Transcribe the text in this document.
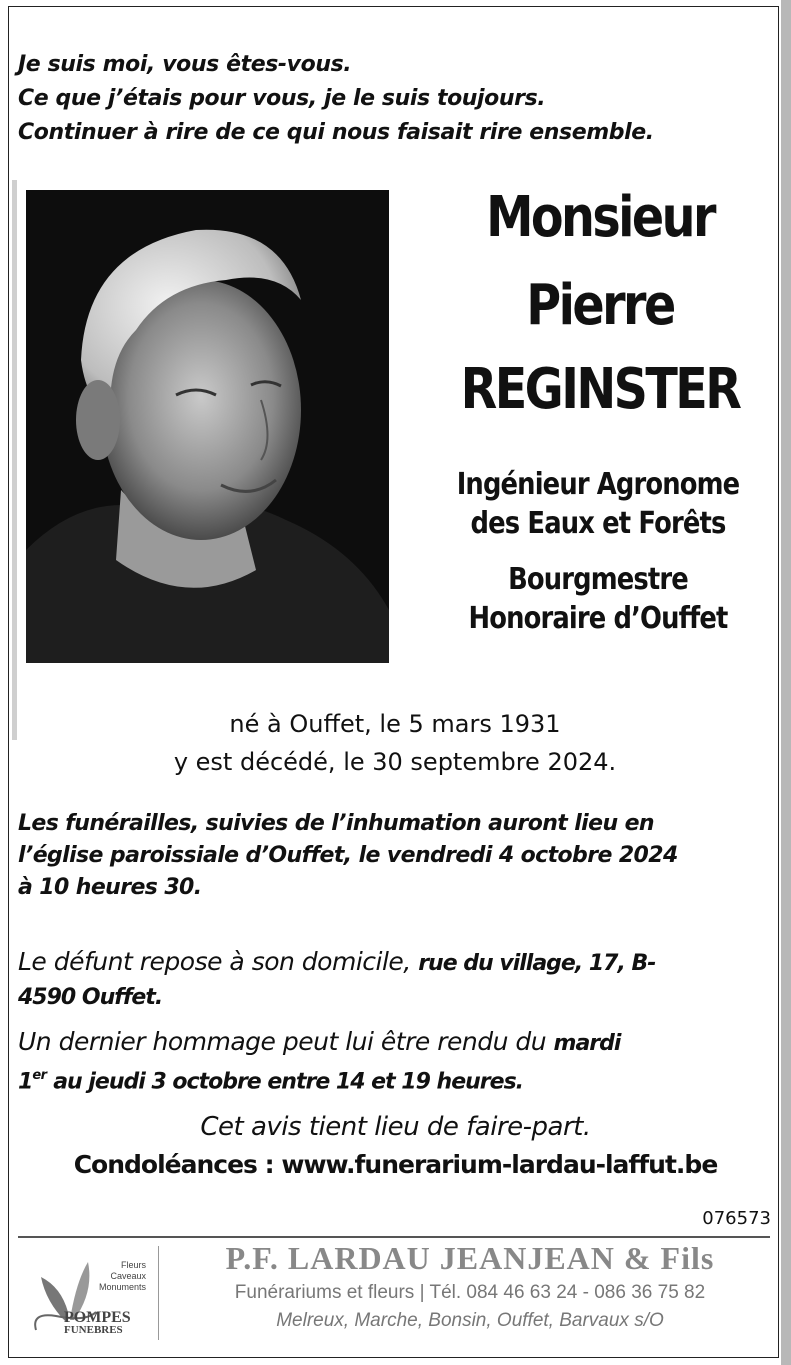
Je suis moi, vous êtes-vous.
Ce que j’étais pour vous, je le suis toujours.
Continuer à rire de ce qui nous faisait rire ensemble.
Monsieur
Pierre
REGINSTER
Ingénieur Agronome
des Eaux et Forêts
Bourgmestre
Honoraire d’Ouffet
né à Ouffet, le 5 mars 1931
y est décédé, le 30 septembre 2024.
Les funérailles, suivies de l’inhumation auront lieu en
l’église paroissiale d’Ouffet, le vendredi 4 octobre 2024
à 10 heures 30.
Le défunt repose à son domicile, rue du village, 17, B-
4590 Ouffet.
Un dernier hommage peut lui être rendu du mardi
1er au jeudi 3 octobre entre 14 et 19 heures.
Cet avis tient lieu de faire-part.
Condoléances : www.funerarium-lardau-laffut.be
076573
Fleurs
Caveaux
Monuments
POMPES
FUNEBRES
P.F. LARDAU JEANJEAN & Fils
Funérariums et fleurs | Tél. 084 46 63 24 - 086 36 75 82
Melreux, Marche, Bonsin, Ouffet, Barvaux s/O
